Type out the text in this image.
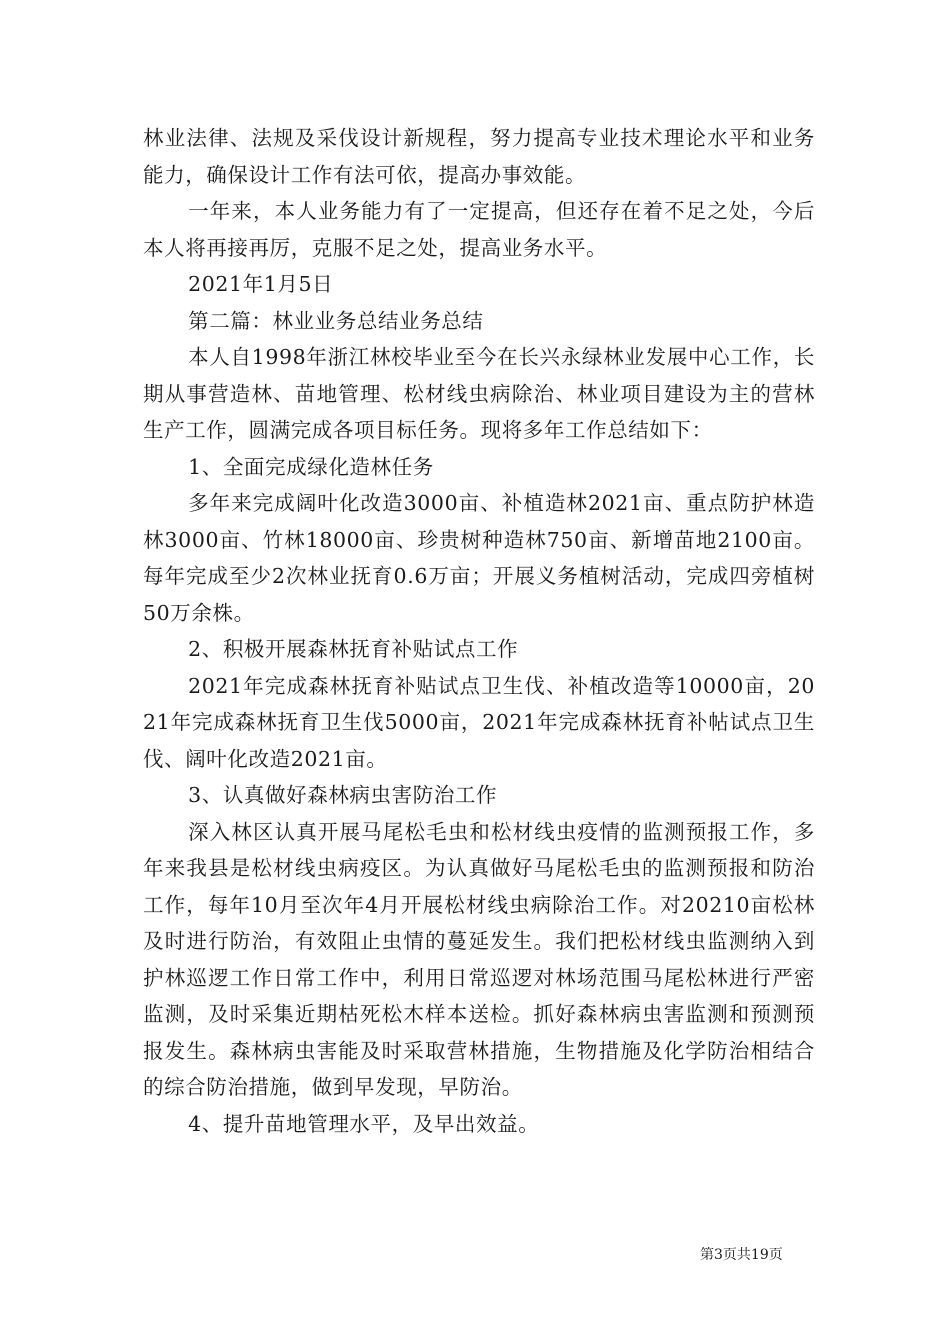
林业法律、法规及采伐设计新规程，努力提高专业技术理论水平和业务能力，确保设计工作有法可依，提高办事效能。

一年来，本人业务能力有了一定提高，但还存在着不足之处，今后本人将再接再厉，克服不足之处，提高业务水平。

2021年1月5日

第二篇：林业业务总结业务总结

本人自1998年浙江林校毕业至今在长兴永绿林业发展中心工作，长期从事营造林、苗地管理、松材线虫病除治、林业项目建设为主的营林生产工作，圆满完成各项目标任务。现将多年工作总结如下：

1、全面完成绿化造林任务

多年来完成阔叶化改造3000亩、补植造林2021亩、重点防护林造林3000亩、竹林18000亩、珍贵树种造林750亩、新增苗地2100亩。每年完成至少2次林业抚育0.6万亩；开展义务植树活动，完成四旁植树50万余株。

2、积极开展森林抚育补贴试点工作

2021年完成森林抚育补贴试点卫生伐、补植改造等10000亩，2021年完成森林抚育卫生伐5000亩，2021年完成森林抚育补帖试点卫生伐、阔叶化改造2021亩。

3、认真做好森林病虫害防治工作

深入林区认真开展马尾松毛虫和松材线虫疫情的监测预报工作，多年来我县是松材线虫病疫区。为认真做好马尾松毛虫的监测预报和防治工作，每年10月至次年4月开展松材线虫病除治工作。对20210亩松林及时进行防治，有效阻止虫情的蔓延发生。我们把松材线虫监测纳入到护林巡逻工作日常工作中，利用日常巡逻对林场范围马尾松林进行严密监测，及时采集近期枯死松木样本送检。抓好森林病虫害监测和预测预报发生。森林病虫害能及时采取营林措施，生物措施及化学防治相结合的综合防治措施，做到早发现，早防治。

4、提升苗地管理水平，及早出效益。

第3页共19页
